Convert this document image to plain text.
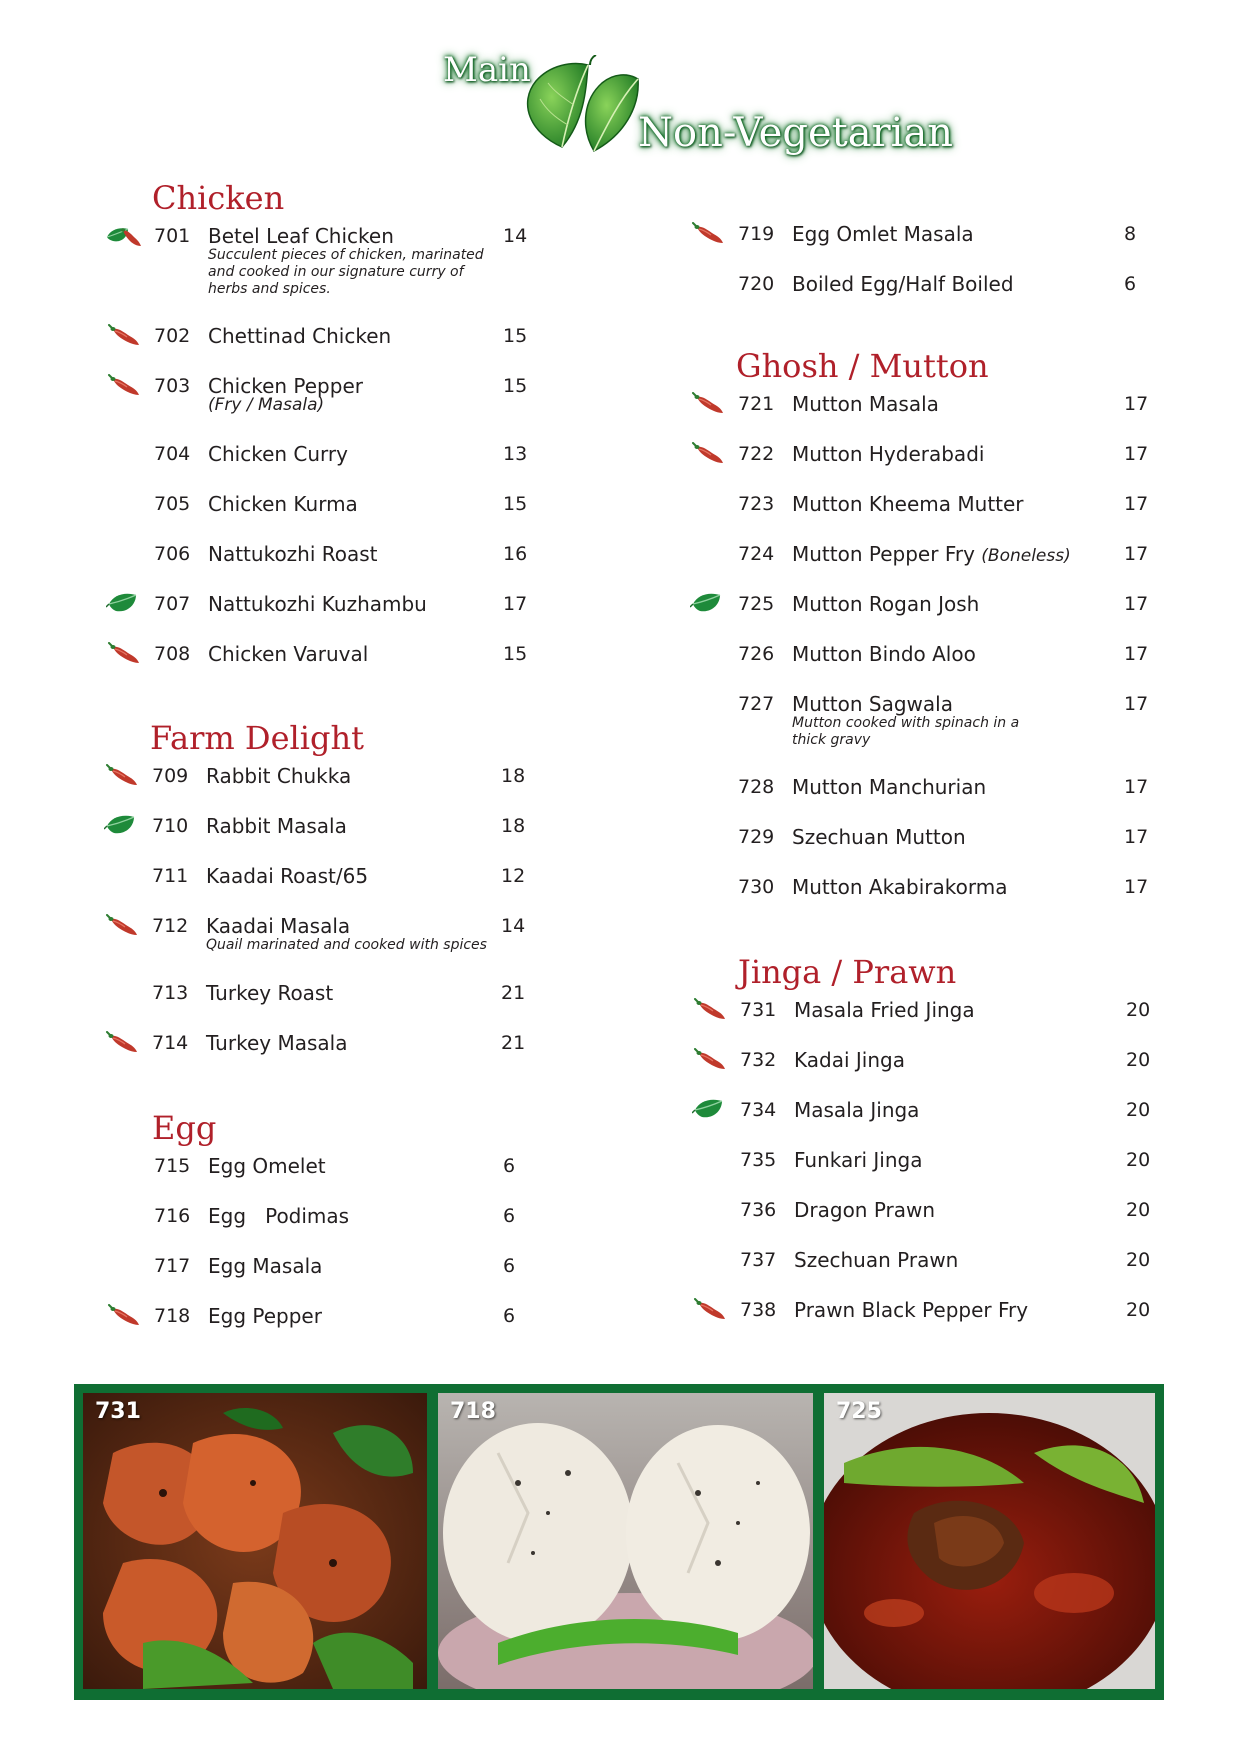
Main
Non-Vegetarian
Chicken
701 Betel Leaf Chicken	14
Succulent pieces of chicken, marinated and cooked in our signature curry of herbs and spices.
702 Chettinad Chicken	15
703 Chicken Pepper	15
(Fry / Masala)
704 Chicken Curry	13
705 Chicken Kurma	15
706 Nattukozhi Roast	16
707 Nattukozhi Kuzhambu	17
708 Chicken Varuval	15
Farm Delight
709 Rabbit Chukka	18
710 Rabbit Masala	18
711 Kaadai Roast/65	12
712 Kaadai Masala	14
Quail marinated and cooked with spices
713 Turkey Roast	21
714 Turkey Masala	21
Egg
715 Egg Omelet	6
716 Egg   Podimas	6
717 Egg Masala	6
718 Egg Pepper	6
719 Egg Omlet Masala	8
720 Boiled Egg/Half Boiled	6
Ghosh / Mutton
721 Mutton Masala	17
722 Mutton Hyderabadi	17
723 Mutton Kheema Mutter	17
724 Mutton Pepper Fry (Boneless)	17
725 Mutton Rogan Josh	17
726 Mutton Bindo Aloo	17
727 Mutton Sagwala	17
Mutton cooked with spinach in a thick gravy
728 Mutton Manchurian	17
729 Szechuan Mutton	17
730 Mutton Akabirakorma	17
Jinga / Prawn
731 Masala Fried Jinga	20
732 Kadai Jinga	20
734 Masala Jinga	20
735 Funkari Jinga	20
736 Dragon Prawn	20
737 Szechuan Prawn	20
738 Prawn Black Pepper Fry	20
731	718	725
